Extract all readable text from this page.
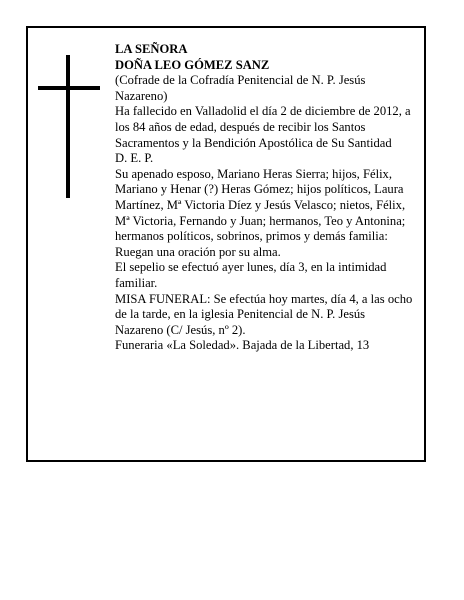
LA SEÑORA

DOÑA LEO GÓMEZ SANZ

(Cofrade de la Cofradía Penitencial de N. P. Jesús Nazareno)

Ha fallecido en Valladolid el día 2 de diciembre de 2012, a los 84 años de edad, después de recibir los Santos Sacramentos y la Bendición Apostólica de Su Santidad

D. E. P.

Su apenado esposo, Mariano Heras Sierra; hijos, Félix, Mariano y Henar (?) Heras Gómez; hijos políticos, Laura Martínez, Mª Victoria Díez y Jesús Velasco; nietos, Félix, Mª Victoria, Fernando y Juan; hermanos, Teo y Antonina; hermanos políticos, sobrinos, primos y demás familia:

Ruegan una oración por su alma.

El sepelio se efectuó ayer lunes, día 3, en la intimidad familiar.

MISA FUNERAL: Se efectúa hoy martes, día 4, a las ocho de la tarde, en la iglesia Penitencial de N. P. Jesús Nazareno (C/ Jesús, nº 2).

Funeraria «La Soledad». Bajada de la Libertad, 13
